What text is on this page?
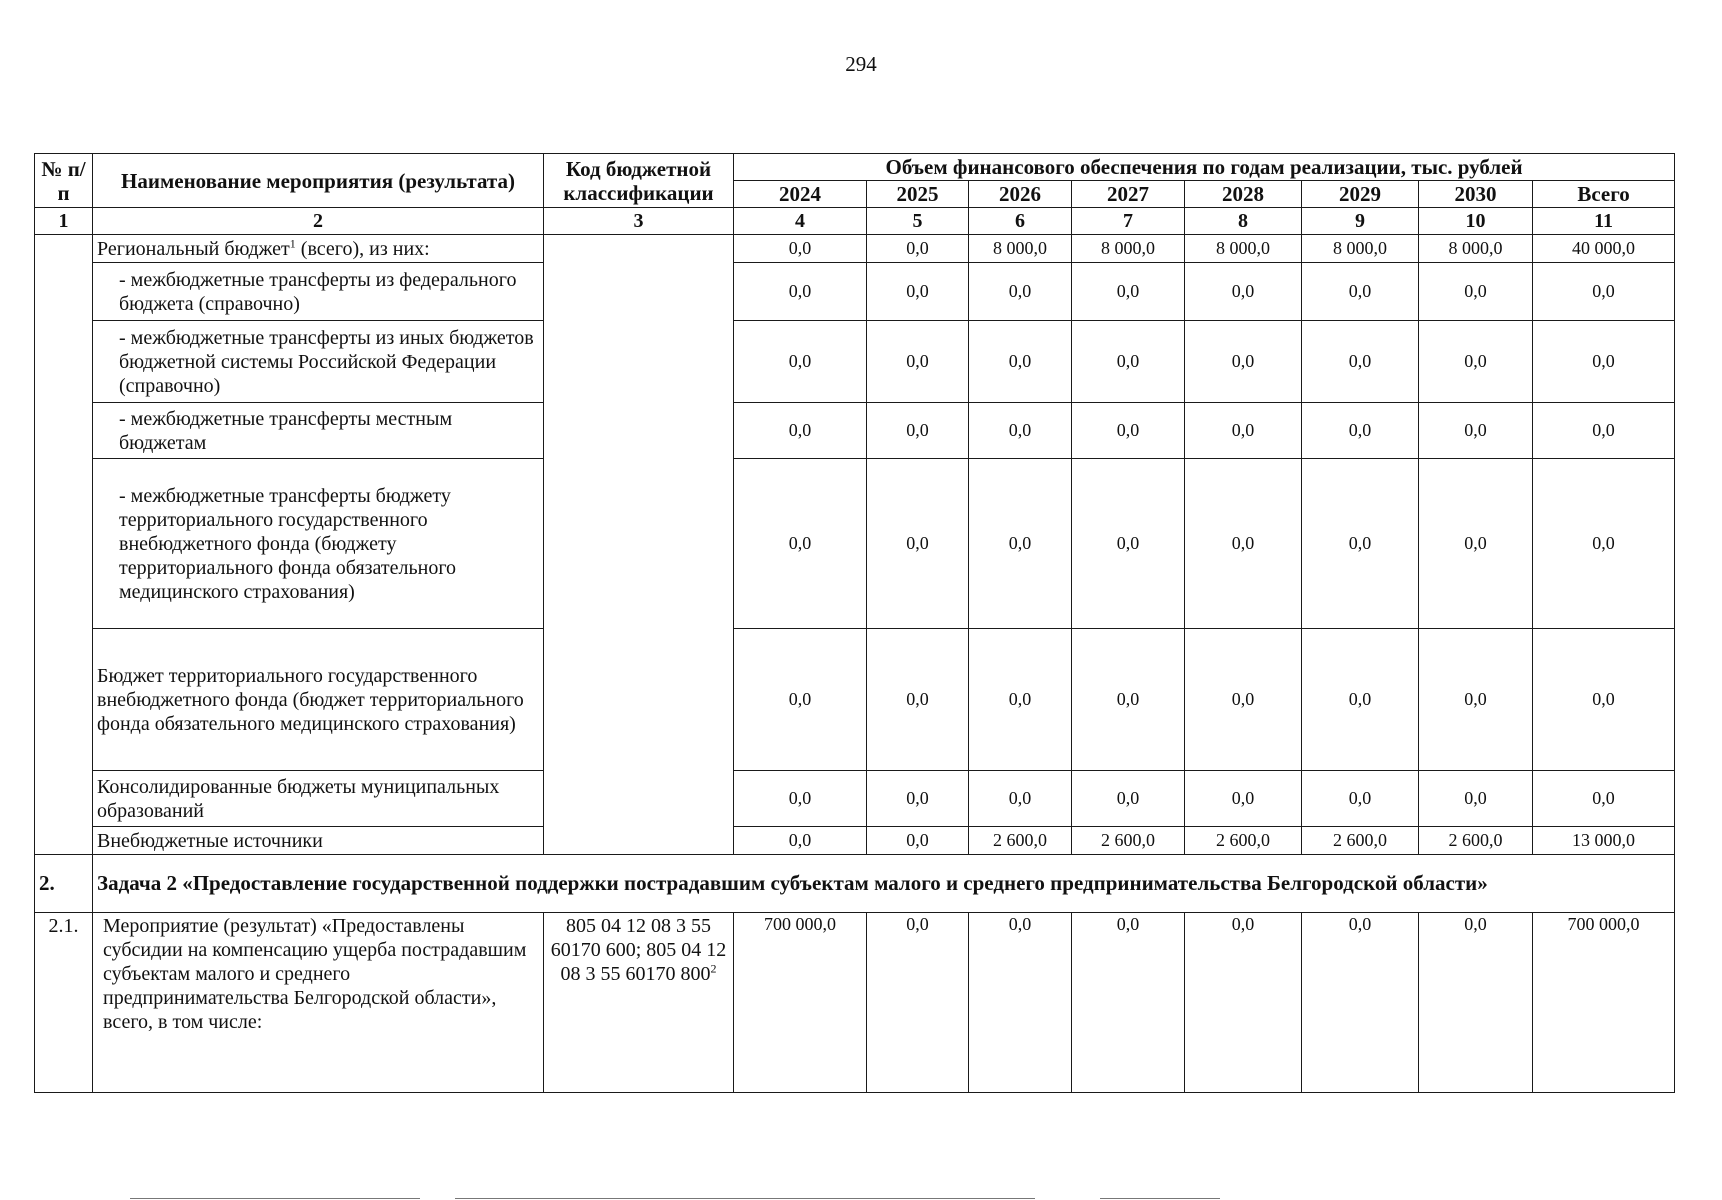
294
№ п/п	Наименование мероприятия (результата)	Код бюджетной классификации	Объем финансового обеспечения по годам реализации, тыс. рублей							
			2024	2025	2026	2027	2028	2029	2030	Всего
1	2	3	4	5	6	7	8	9	10	11
	Региональный бюджет$^1$ (всего), из них:		0,0	0,0	8 000,0	8 000,0	8 000,0	8 000,0	8 000,0	40 000,0
	- межбюджетные трансферты из федерального бюджета (справочно)		0,0	0,0	0,0	0,0	0,0	0,0	0,0	0,0
	- межбюджетные трансферты из иных бюджетов бюджетной системы Российской Федерации (справочно)		0,0	0,0	0,0	0,0	0,0	0,0	0,0	0,0
	- межбюджетные трансферты местным бюджетам		0,0	0,0	0,0	0,0	0,0	0,0	0,0	0,0
	- межбюджетные трансферты бюджету территориального государственного внебюджетного фонда (бюджету территориального фонда обязательного медицинского страхования)		0,0	0,0	0,0	0,0	0,0	0,0	0,0	0,0
	Бюджет территориального государственного внебюджетного фонда (бюджет территориального фонда обязательного медицинского страхования)		0,0	0,0	0,0	0,0	0,0	0,0	0,0	0,0
	Консолидированные бюджеты муниципальных образований		0,0	0,0	0,0	0,0	0,0	0,0	0,0	0,0
	Внебюджетные источники		0,0	0,0	2 600,0	2 600,0	2 600,0	2 600,0	2 600,0	13 000,0
2.	Задача 2 «Предоставление государственной поддержки пострадавшим субъектам малого и среднего предпринимательства Белгородской области»									
2.1.	Мероприятие (результат) «Предоставлены субсидии на компенсацию ущерба пострадавшим субъектам малого и среднего предпринимательства Белгородской области», всего, в том числе:	805 04 12 08 3 55 60170 600; 805 04 12 08 3 55 60170 $800^2$	700 000,0	0,0	0,0	0,0	0,0	0,0	0,0	700 000,0
